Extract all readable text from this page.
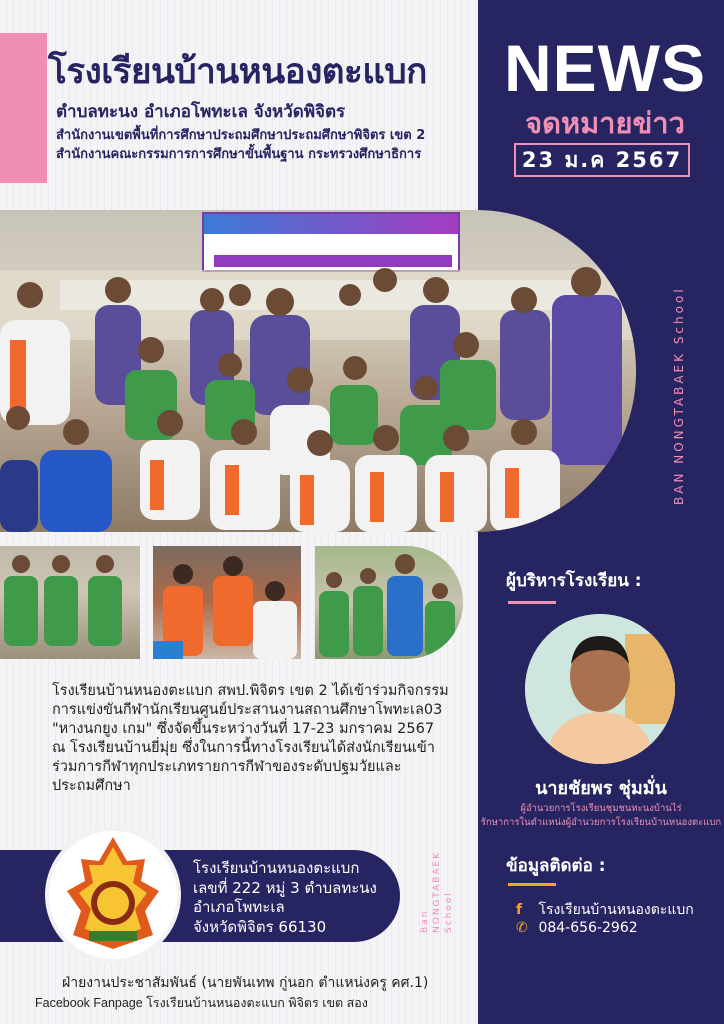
โรงเรียนบ้านหนองตะแบก
ตำบลทะนง อำเภอโพทะเล จังหวัดพิจิตร
สำนักงานเขตพื้นที่การศึกษาประถมศึกษาประถมศึกษาพิจิตร เขต 2
สำนักงานคณะกรรมการการศึกษาขั้นพื้นฐาน กระทรวงศึกษาธิการ
NEWS
จดหมายข่าว
23 ม.ค 2567
BAN NONGTABAEK School

โรงเรียนบ้านหนองตะแบก สพป.พิจิตร เขต 2 ได้เข้าร่วมกิจกรรม

การแข่งขันกีฬานักเรียนศูนย์ประสานงานสถานศึกษาโพทะเล03

"หางนกยูง เกม" ซึ่งจัดขึ้นระหว่างวันที่ 17-23 มกราคม 2567

ณ โรงเรียนบ้านยี่มุ่ย ซึ่งในการนี้ทางโรงเรียนได้ส่งนักเรียนเข้า

ร่วมการกีฬาทุกประเภทรายการกีฬาของระดับปฐมวัยและ

ประถมศึกษา

โรงเรียนบ้านหนองตะแบก
เลขที่ 222 หมู่ 3 ตำบลทะนง
อำเภอโพทะเล
จังหวัดพิจิตร 66130	Ban NONGTABAEK School
ฝ่ายงานประชาสัมพันธ์ (นายพันเทพ กู่นอก ตำแหน่งครู คศ.1)
Facebook Fanpage โรงเรียนบ้านหนองตะแบก พิจิตร เขต สอง
ผู้บริหารโรงเรียน :
นายชัยพร ชุ่มมั่น
ผู้อำนวยการโรงเรียนชุมชนทะนงบ้านไร่
รักษาการในตำแหน่งผู้อำนวยการโรงเรียนบ้านหนองตะแบก
ข้อมูลติดต่อ :
f โรงเรียนบ้านหนองตะแบก
✆ 084-656-2962
